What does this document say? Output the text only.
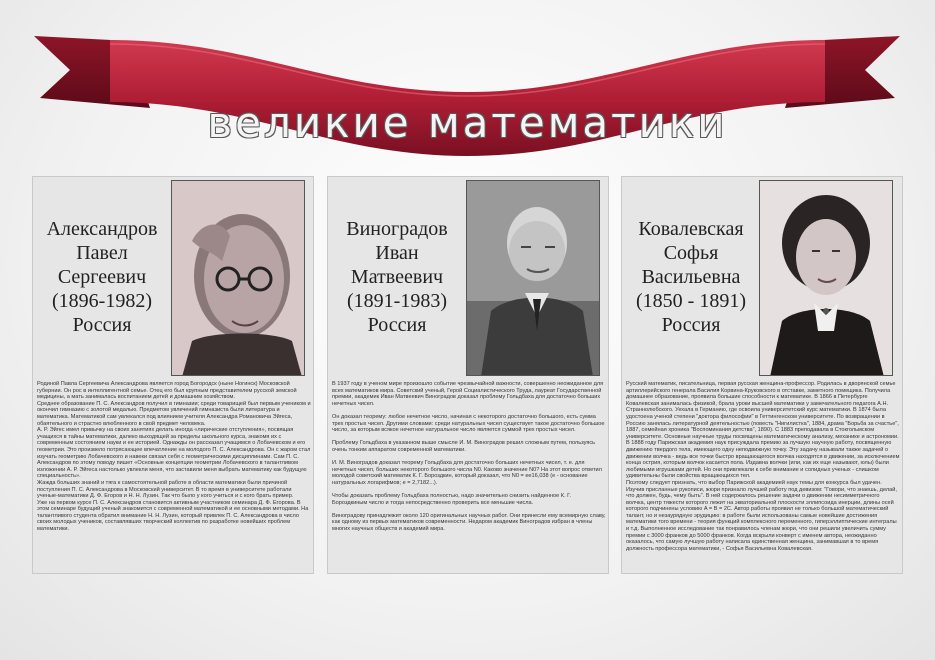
великие математики
Александров
Павел
Сергеевич
(1896-1982)
Россия
Родиной Павла Сергеевича Александрова является город Богородск (ныне Ногинск) Московской губернии. Он рос в интеллигентной семье. Отец его был крупным представителем русской земской медицины, а мать занималась воспитанием детей и домашним хозяйством.
Среднее образование П. С. Александров получил в гимназии; среди товарищей был первым учеником и окончил гимназию с золотой медалью. Предметом увлечений гимназиста были литература и математика. Математикой сам увлекался под влиянием учителя Александра Романовича Эйгеса, обаятельного и страстно влюбленного в свой предмет человека.
А. Р. Эйгес имел привычку на своих занятиях делать иногда «лирические отступления», посвящая учащихся в тайны математики, далеко выходящей за пределы школьного курса, знакомя их с современным состоянием науки и ее историей. Однажды он рассказал учащимся о Лобачевском и его геометрии. Это произвело потрясающее впечатление на молодого П. С. Александрова. Он с жаром стал изучать геометрию Лобачевского и навеки связал себя с геометрическими дисциплинами. Сам П. С. Александров по этому поводу пишет «Основные концепции геометрии Лобачевского в талантливом изложении А. Р. Эйгеса настолько увлекли меня, что заставили меня выбрать математику как будущую специальность».
Жажда больших знаний и тяга к самостоятельной работе в области математики были причиной поступления П. С. Александрова в Московский университет. В то время в университете работали ученые-математики Д. Ф. Егоров и Н. Н. Лузин. Так что было у кого учиться и с кого брать пример.
Уже на первом курсе П. С. Александров становится активным участником семинара Д. Ф. Егорова. В этом семинаре будущий ученый знакомится с современной математикой и ее основными методами. На талантливого студента обратил внимание Н. Н. Лузин, который привлек П. С. Александрова в число своих молодых учеников, составлявших творческий коллектив по разработке новейших проблем математики.
Виноградов
Иван
Матвеевич
(1891-1983)
Россия
В 1937 году в ученом мире произошло событие чрезвычайной важности, совершенно неожиданное для всех математиков мира. Советский ученый, Герой Социалистического Труда, лауреат Государственной премии, академик Иван Матвеевич Виноградов доказал проблему Гольдбаха для достаточно больших нечетных чисел.

Он доказал теорему: любое нечетное число, начиная с некоторого достаточно большого, есть сумма трех простых чисел. Другими словами: среди натуральных чисел существует такое достаточно большое число, за которым всякое нечетное натуральное число является суммой трех простых чисел.

Проблему Гольдбаха в указанном выше смысле И. М. Виноградов решил сложным путем, пользуясь очень тонким аппаратом современной математики.

И. М. Виноградов доказал теорему Гольдбаха для достаточно больших нечетных чисел, т. е. для нечетных чисел, больших некоторого большого числа N0. Каково значение N0? На этот вопрос ответил молодой советский математик К. Г. Бороздкин, который доказал, что N0 = ее16,038 (е - основание натуральных логарифмов; е = 2,7182...).

Чтобы доказать проблему Гольдбаха полностью, надо значительно снизить найденное К. Г. Бороздкиным число и тогда непосредственно проверить все меньшие числа.

Виноградову принадлежит около 120 оригинальных научных работ. Они принесли ему всемирную славу, как одному из первых математиков современности. Недаром академик Виноградов избран в члены многих научных обществ и академий мира.
Ковалевская
Софья
Васильевна
(1850 - 1891)
Россия
Русский математик, писательница, первая русская женщина-профессор. Родилась в дворянской семье артиллерийского генерала Василия Корвина-Круковского в отставке, заметного помещика. Получила домашнее образование, проявила большие способности к математике. В 1866 в Петербурге Ковалевская занималась физикой, брала уроки высшей математики у замечательного педагога А.Н. Страннолюбского. Уехала в Германию, где освоила университетский курс математики. В 1874 была удостоена ученой степени "доктора философии" в Геттингенском университете. По возвращении в Россию занялась литературной деятельностью (повесть "Нигилистка", 1884, драма "Борьба за счастье", 1887, семейная хроника "Воспоминания детства", 1890). С 1883 преподавала в Стокгольмском университете. Основные научные труды посвящены математическому анализу, механике и астрономии.
В 1888 году Парижская академия наук присуждала премию за лучшую научную работу, посвященную движению твердого тела, имеющего одну неподвижную точку. Эту задачу называли также задачей о движении волчка - ведь все точки быстро вращающегося волчка находятся в движении, за исключением конца острия, которым волчок касается пола. Издавна волчки (или, как их еще называют, юлы) были любимыми игрушками детей. Но они привлекали к себе внимание и солидных ученых - слишком удивительны были свойства вращающихся тел.
Поэтому следует признать, что выбор Парижской академией наук темы для конкурса был удачен. Изучив присланные рукописи, жюри признало лучшей работу под девизом: "Говори, что знаешь, делай, что должен, будь, чему быть". В ней содержалось решение задачи о движении несимметричного волчка, центр тяжести которого лежит на экваториальной плоскости эллипсоида инерции, длины осей которого подчинены условию A = B = 2C. Автор работы проявил не только большой математический талант, но и незаурядную эрудицию: в работе были использованы самые новейшие достижения математики того времени - теория функций комплексного переменного, гиперэллиптические интегралы и т.д. Выполненное исследование так понравилось членам жюри, что они решили увеличить сумму премии с 3000 франков до 5000 франков. Когда вскрыли конверт с именем автора, неожиданно оказалось, что самую лучшую работу написала единственная женщина, занимавшая в то время должность профессора математики, - Софья Васильевна Ковалевская.
